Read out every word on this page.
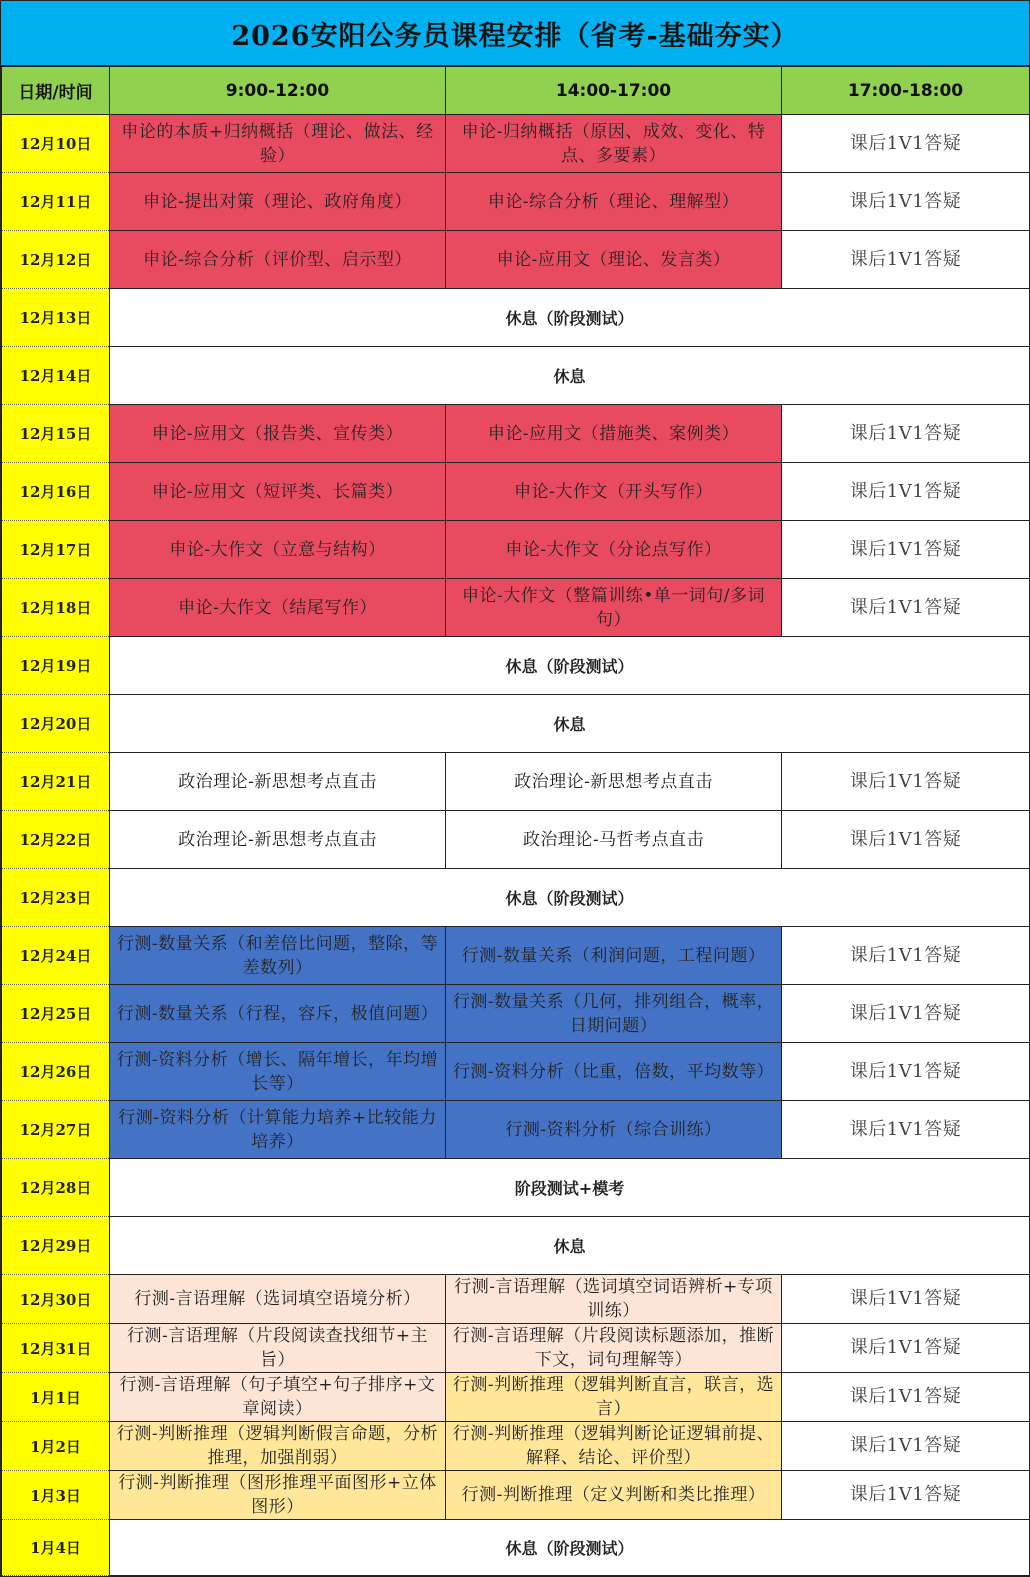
2026安阳公务员课程安排（省考-基础夯实）
日期/时间	9:00-12:00	14:00-17:00	17:00-18:00
12月10日	申论的本质+归纳概括（理论、做法、经验）	申论-归纳概括（原因、成效、变化、特点、多要素）	课后1V1答疑
12月11日	申论-提出对策（理论、政府角度）	申论-综合分析（理论、理解型）	课后1V1答疑
12月12日	申论-综合分析（评价型、启示型）	申论-应用文（理论、发言类）	课后1V1答疑
12月13日	休息（阶段测试）		
12月14日	休息		
12月15日	申论-应用文（报告类、宣传类）	申论-应用文（措施类、案例类）	课后1V1答疑
12月16日	申论-应用文（短评类、长篇类）	申论-大作文（开头写作）	课后1V1答疑
12月17日	申论-大作文（立意与结构）	申论-大作文（分论点写作）	课后1V1答疑
12月18日	申论-大作文（结尾写作）	申论-大作文（整篇训练•单一词句/多词句）	课后1V1答疑
12月19日	休息（阶段测试）		
12月20日	休息		
12月21日	政治理论-新思想考点直击	政治理论-新思想考点直击	课后1V1答疑
12月22日	政治理论-新思想考点直击	政治理论-马哲考点直击	课后1V1答疑
12月23日	休息（阶段测试）		
12月24日	行测-数量关系（和差倍比问题，整除，等差数列）	行测-数量关系（利润问题，工程问题）	课后1V1答疑
12月25日	行测-数量关系（行程，容斥，极值问题）	行测-数量关系（几何，排列组合，概率，日期问题）	课后1V1答疑
12月26日	行测-资料分析（增长、隔年增长，年均增长等）	行测-资料分析（比重，倍数，平均数等）	课后1V1答疑
12月27日	行测-资料分析（计算能力培养+比较能力培养）	行测-资料分析（综合训练）	课后1V1答疑
12月28日	阶段测试+模考		
12月29日	休息		
12月30日	行测-言语理解（选词填空语境分析）	行测-言语理解（选词填空词语辨析+专项训练）	课后1V1答疑
12月31日	行测-言语理解（片段阅读查找细节+主旨）	行测-言语理解（片段阅读标题添加，推断下文，词句理解等）	课后1V1答疑
1月1日	行测-言语理解（句子填空+句子排序+文章阅读）	行测-判断推理（逻辑判断直言，联言，选言）	课后1V1答疑
1月2日	行测-判断推理（逻辑判断假言命题，分析推理，加强削弱）	行测-判断推理（逻辑判断论证逻辑前提、解释、结论、评价型）	课后1V1答疑
1月3日	行测-判断推理（图形推理平面图形+立体图形）	行测-判断推理（定义判断和类比推理）	课后1V1答疑
1月4日	休息（阶段测试）		
